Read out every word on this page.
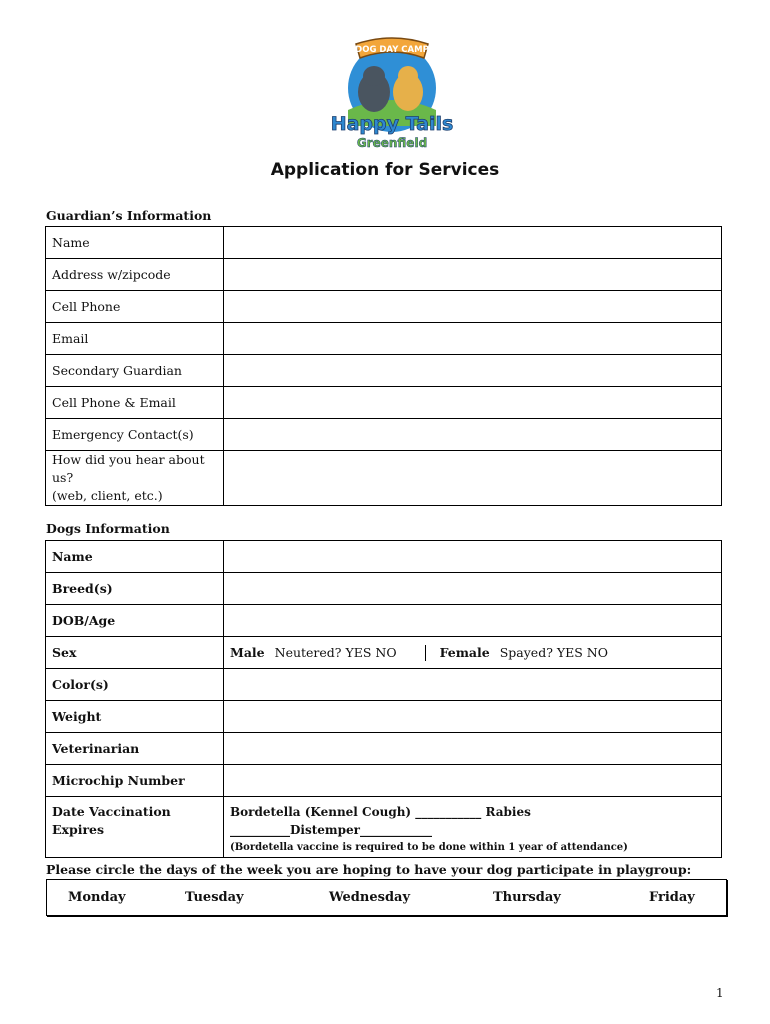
DOG DAY CAMP
Happy Tails
Greenfield
Application for Services
Guardian’s Information
Name	
Address w/zipcode	
Cell Phone	
Email	
Secondary Guardian	
Cell Phone & Email	
Emergency Contact(s)	

How did you hear about us?
(web, client, etc.)	

Dogs Information
Name	
Breed(s)	
DOB/Age	
Sex	Male Neutered? YES NO Female Spayed? YES NO
Color(s)	
Weight	
Veterinarian	
Microchip Number	
Date Vaccination Expires	Bordetella (Kennel Cough) ___________ Rabies __________Distemper____________
(Bordetella vaccine is required to be done within 1 year of attendance)
Please circle the days of the week you are hoping to have your dog participate in playgroup:
Monday	Tuesday	Wednesday	Thursday	Friday
1
